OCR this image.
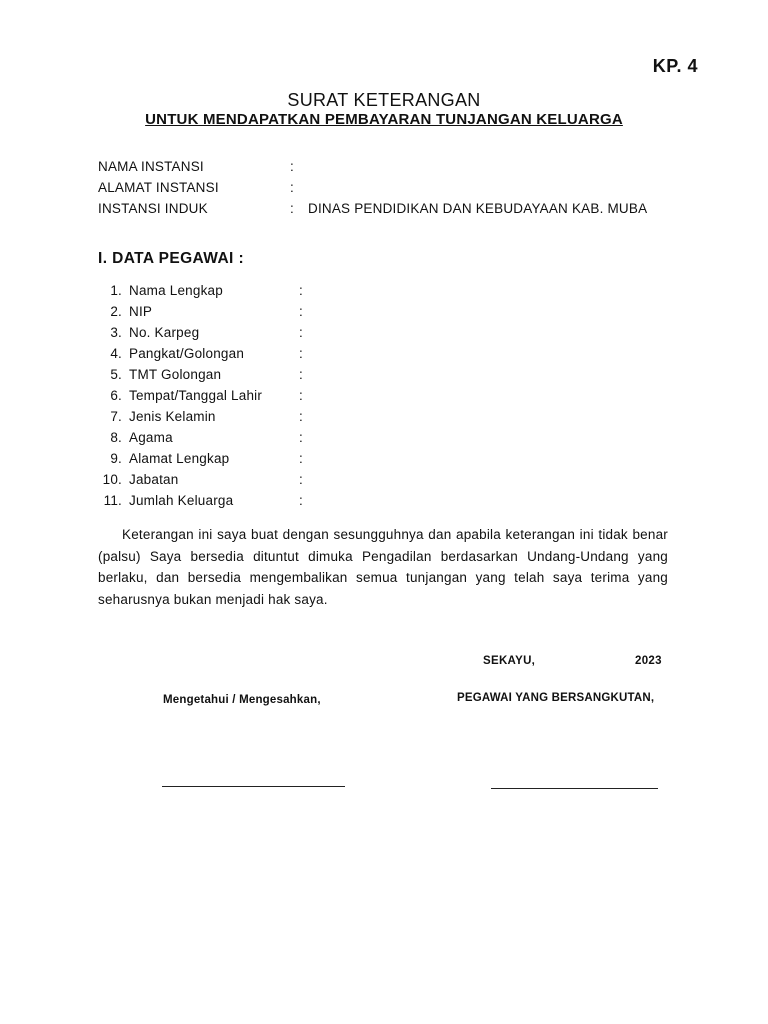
KP. 4
SURAT KETERANGAN
UNTUK MENDAPATKAN PEMBAYARAN TUNJANGAN KELUARGA
NAMA INSTANSI	:
ALAMAT INSTANSI	:
INSTANSI INDUK	:	DINAS PENDIDIKAN DAN KEBUDAYAAN KAB. MUBA
I. DATA PEGAWAI :
1. Nama Lengkap	:
2. NIP	:
3. No. Karpeg	:
4. Pangkat/Golongan	:
5. TMT Golongan	:
6. Tempat/Tanggal Lahir	:
7. Jenis Kelamin	:
8. Agama	:
9. Alamat Lengkap	:
10. Jabatan	:
11. Jumlah Keluarga	:
Keterangan ini saya buat dengan sesungguhnya dan apabila keterangan ini tidak benar (palsu) Saya bersedia dituntut dimuka Pengadilan berdasarkan Undang-Undang yang berlaku, dan bersedia mengembalikan semua tunjangan yang telah saya terima yang seharusnya bukan menjadi hak saya.
SEKAYU,	2023
Mengetahui / Mengesahkan,	PEGAWAI YANG BERSANGKUTAN,
